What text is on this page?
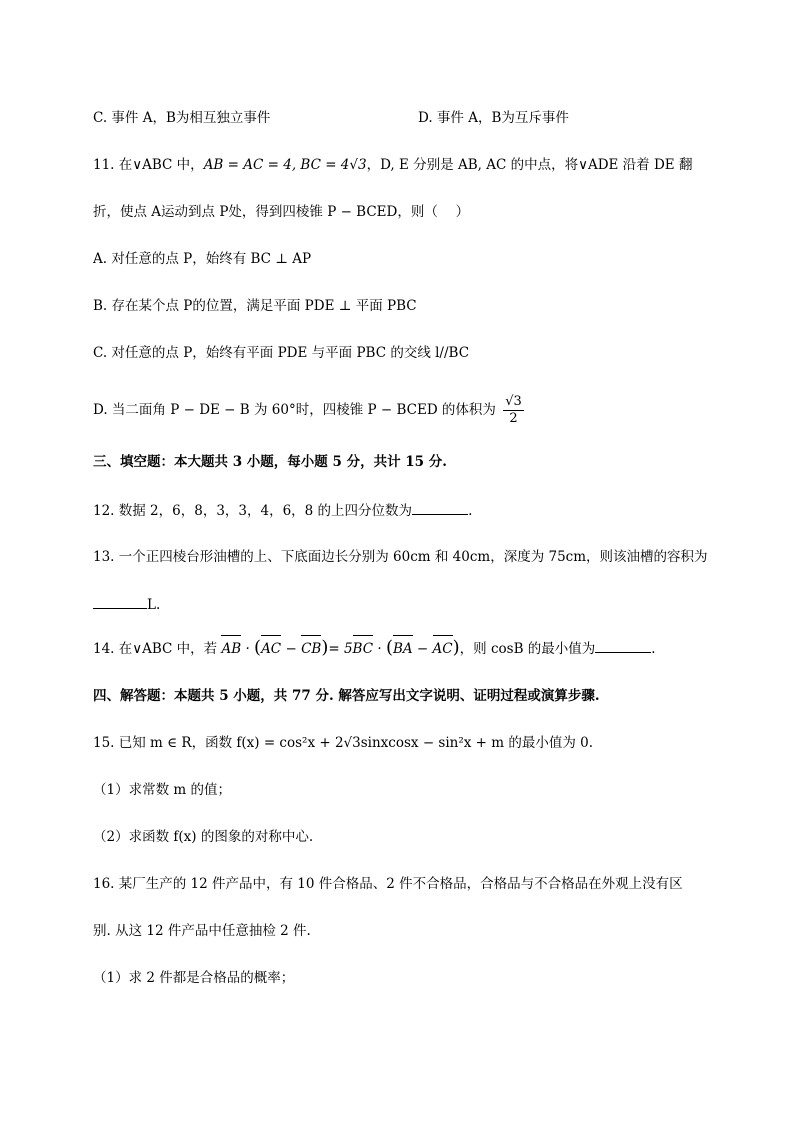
C. 事件 A，B为相互独立事件	D. 事件 A，B为互斥事件
11. 在∨ABC 中，AB = AC = 4, BC = 4√3，D, E 分别是 AB, AC 的中点，将∨ADE 沿着 DE 翻
折，使点 A运动到点 P处，得到四棱锥 P − BCED，则（　 ）
A. 对任意的点 P，始终有 BC ⊥ AP
B. 存在某个点 P的位置，满足平面 PDE ⊥ 平面 PBC
C. 对任意的点 P，始终有平面 PDE 与平面 PBC 的交线 l//BC
D. 当二面角 P − DE − B 为 60°时，四棱锥 P − BCED 的体积为 $\frac{√3}{2}$
三、填空题：本大题共 3 小题，每小题 5 分，共计 15 分.
12. 数据 2，6，8，3，3，4，6，8 的上四分位数为	.
13. 一个正四棱台形油槽的上、下底面边长分别为 60cm 和 40cm，深度为 75cm，则该油槽的容积为
L.
14. 在∨ABC 中，若 AB · (AC − CB)= 5BC · (BA − AC)，则 cosB 的最小值为	.
四、解答题：本题共 5 小题，共 77 分. 解答应写出文字说明、证明过程或演算步骤.
15. 已知 m ∈ R，函数 f(x) = cos²x + 2√3sinxcosx − sin²x + m 的最小值为 0.
（1）求常数 m 的值；
（2）求函数 f(x) 的图象的对称中心.
16. 某厂生产的 12 件产品中，有 10 件合格品、2 件不合格品，合格品与不合格品在外观上没有区
别. 从这 12 件产品中任意抽检 2 件.
（1）求 2 件都是合格品的概率；
